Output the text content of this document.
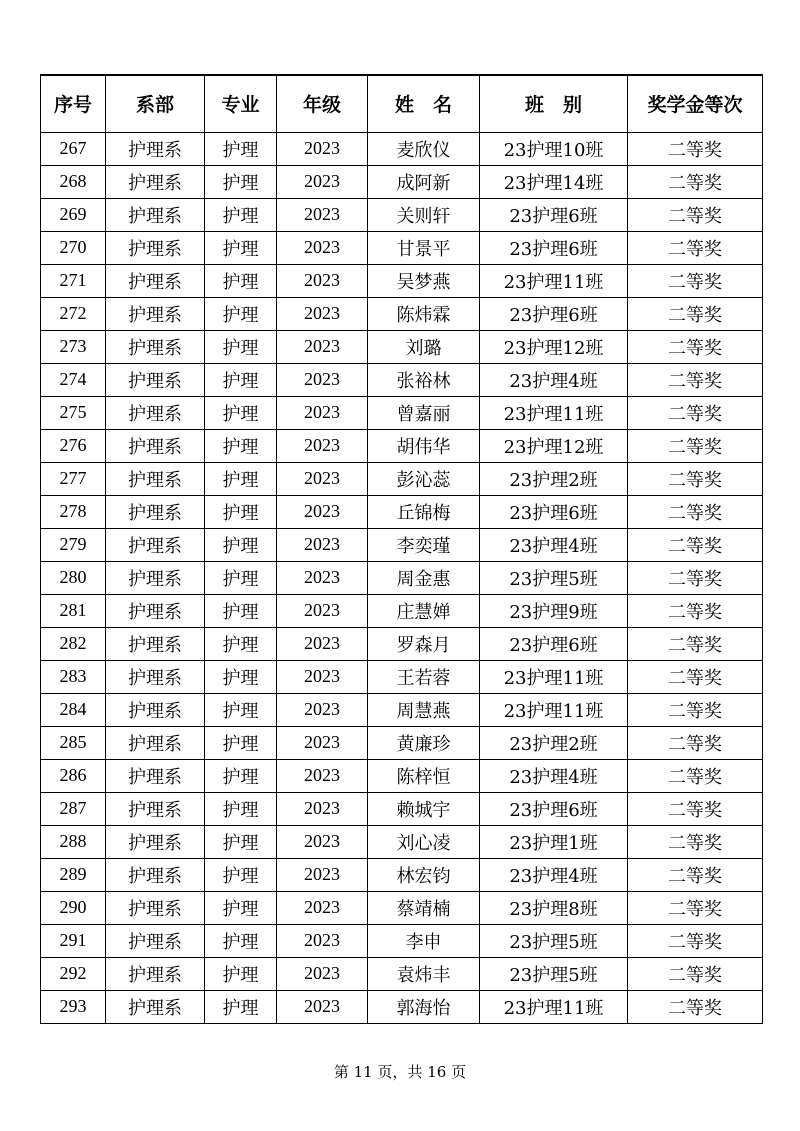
序号	系部	专业	年级	姓　名	班　别	奖学金等次
267	护理系	护理	2023	麦欣仪	23护理10班	二等奖
268	护理系	护理	2023	成阿新	23护理14班	二等奖
269	护理系	护理	2023	关则轩	23护理6班	二等奖
270	护理系	护理	2023	甘景平	23护理6班	二等奖
271	护理系	护理	2023	吴梦燕	23护理11班	二等奖
272	护理系	护理	2023	陈炜霖	23护理6班	二等奖
273	护理系	护理	2023	刘璐	23护理12班	二等奖
274	护理系	护理	2023	张裕林	23护理4班	二等奖
275	护理系	护理	2023	曾嘉丽	23护理11班	二等奖
276	护理系	护理	2023	胡伟华	23护理12班	二等奖
277	护理系	护理	2023	彭沁蕊	23护理2班	二等奖
278	护理系	护理	2023	丘锦梅	23护理6班	二等奖
279	护理系	护理	2023	李奕瑾	23护理4班	二等奖
280	护理系	护理	2023	周金惠	23护理5班	二等奖
281	护理系	护理	2023	庄慧婵	23护理9班	二等奖
282	护理系	护理	2023	罗森月	23护理6班	二等奖
283	护理系	护理	2023	王若蓉	23护理11班	二等奖
284	护理系	护理	2023	周慧燕	23护理11班	二等奖
285	护理系	护理	2023	黄廉珍	23护理2班	二等奖
286	护理系	护理	2023	陈梓恒	23护理4班	二等奖
287	护理系	护理	2023	赖城宇	23护理6班	二等奖
288	护理系	护理	2023	刘心凌	23护理1班	二等奖
289	护理系	护理	2023	林宏钧	23护理4班	二等奖
290	护理系	护理	2023	蔡靖楠	23护理8班	二等奖
291	护理系	护理	2023	李申	23护理5班	二等奖
292	护理系	护理	2023	袁炜丰	23护理5班	二等奖
293	护理系	护理	2023	郭海怡	23护理11班	二等奖
第 11 页，共 16 页
